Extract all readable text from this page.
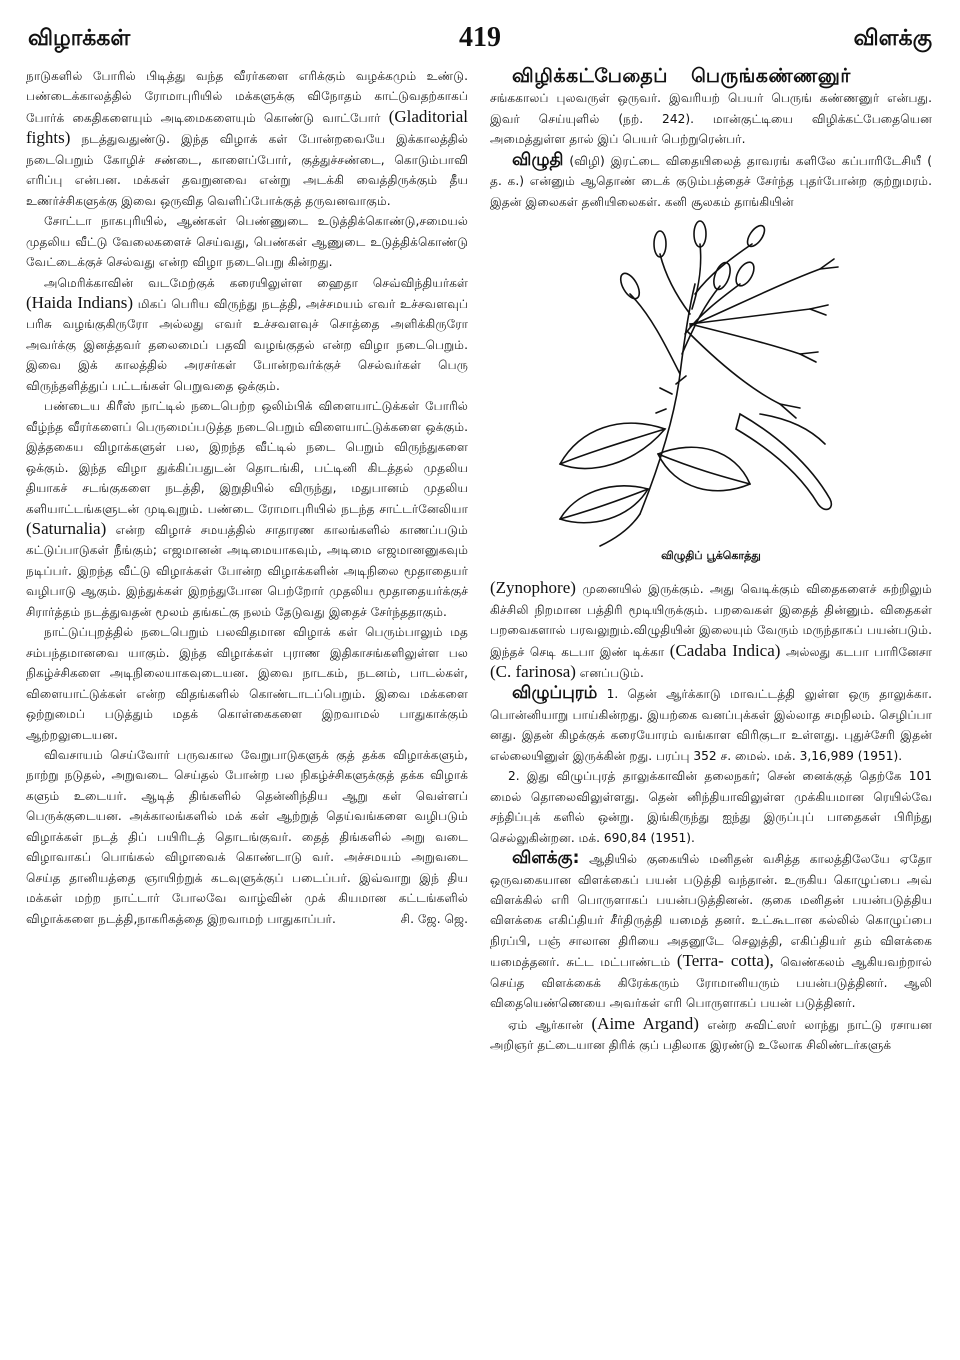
விழாக்கள்	419	விளக்கு

நாடுகளில் போரில் பிடித்து வந்த வீரர்களை எரிக்கும் வழக்கமும் உண்டு. பண்டைக்காலத்தில் ரோமாபுரியில் மக்களுக்கு விநோதம் காட்டுவதற்காகப் போர்க் கைதிகளையும் அடிமைகளையும் கொண்டு வாட்போர் (Gladitorial fights) நடத்துவதுண்டு. இந்த விழாக் கள் போன்றவையே இக்காலத்தில் நடைபெறும் கோழிச் சண்டை, காளைப்போர், குத்துச்சண்டை, கொடும்பாவி எரிப்பு என்பன. மக்கள் தவறுனவை என்று அடக்கி வைத்திருக்கும் தீய உணர்ச்சிகளுக்கு இவை ஒருவித வெளிப்போக்குத் தருவனவாகும்.

சோட்டா நாகபுரியில், ஆண்கள் பெண்ணுடை உடுத்திக்கொண்டு,சமையல் முதலிய வீட்டு வேலைகளைச் செய்வது, பெண்கள் ஆணுடை உடுத்திக்கொண்டு வேட்டைக்குச் செல்வது என்ற விழா நடைபெறு கின்றது.

அமெரிக்காவின் வடமேற்குக் கரையிலுள்ள ஹைதா செவ்விந்தியர்கள் (Haida Indians) மிகப் பெரிய விருந்து நடத்தி, அச்சமயம் எவர் உச்சவளவுப் பரிசு வழங்குகிருரோ அல்லது எவர் உச்சவளவுச் சொத்தை அளிக்கிருரோ அவர்க்கு இனத்தவர் தலைமைப் பதவி வழங்குதல் என்ற விழா நடைபெறும். இவை இக் காலத்தில் அரசர்கள் போன்றவர்க்குச் செல்வர்கள் பெரு விருந்தளித்துப் பட்டங்கள் பெறுவதை ஒக்கும்.

பண்டைய கிரீஸ் நாட்டில் நடைபெற்ற ஒலிம்பிக் விளையாட்டுக்கள் போரில் வீழ்ந்த வீரர்களைப் பெருமைப்படுத்த நடைபெறும் விளையாட்டுக்களை ஒக்கும். இத்தகைய விழாக்களுள் பல, இறந்த வீட்டில் நடை பெறும் விருந்துகளை ஒக்கும். இந்த விழா துக்கிப்பதுடன் தொடங்கி, பட்டினி கிடத்தல் முதலிய தியாகச் சடங்குகளை நடத்தி, இறுதியில் விருந்து, மதுபானம் முதலிய களியாட்டங்களுடன் முடிவுறும். பண்டை ரோமாபுரியில் நடந்த சாட்டர்னேலியா (Saturnalia) என்ற விழாச் சமயத்தில் சாதாரண காலங்களில் காணப்படும் கட்டுப்பாடுகள் நீங்கும்; எஜமானன் அடிமையாகவும், அடிமை எஜமானனுகவும் நடிப்பர். இறந்த வீட்டு விழாக்கள் போன்ற விழாக்களின் அடிநிலை மூதாதையர் வழிபாடு ஆகும். இந்துக்கள் இறந்துபோன பெற்றோர் முதலிய மூதாதையர்க்குச் சிரார்த்தம் நடத்துவதன் மூலம் தங்கட்கு நலம் தேடுவது இதைச் சேர்ந்ததாகும்.

நாட்டுப்புறத்தில் நடைபெறும் பலவிதமான விழாக் கள் பெரும்பாலும் மத சம்பந்தமானவை யாகும். இந்த விழாக்கள் புராண இதிகாசங்களிலுள்ள பல நிகழ்ச்சிகளை அடிநிலையாகவுடையன. இவை நாடகம், நடனம், பாடல்கள், விளையாட்டுக்கள் என்ற விதங்களில் கொண்டாடப்பெறும். இவை மக்களை ஒற்றுமைப் படுத்தும் மதக் கொள்கைகளை இறவாமல் பாதுகாக்கும் ஆற்றலுடையன.

விவசாயம் செய்வோர் பருவகால வேறுபாடுகளுக் குத் தக்க விழாக்களும், நாற்று நடுதல், அறுவடை செய்தல் போன்ற பல நிகழ்ச்சிகளுக்குத் தக்க விழாக் களும் உடையர். ஆடித் திங்களில் தென்னிந்திய ஆறு கள் வெள்ளப் பெருக்குடையன. அக்காலங்களில் மக் கள் ஆற்றுத் தெய்வங்களை வழிபடும் விழாக்கள் நடத் திப் பயிரிடத் தொடங்குவர். தைத் திங்களில் அறு வடை விழாவாகப் பொங்கல் விழாவைக் கொண்டாடு வர். அச்சமயம் அறுவடை செய்த தானியத்தை ஞாயிற்றுக் கடவுளுக்குப் படைப்பர். இவ்வாறு இந் திய மக்கள் மற்ற நாட்டார் போலவே வாழ்வின் முக் கியமான கட்டங்களில் விழாக்களை நடத்தி,நாகரிகத்தை இறவாமற் பாதுகாப்பர்.	சி. ஜே. ஜெ.

விழிக்கட்பேதைப் பெருங்கண்ணனுர்

சங்ககாலப் புலவருள் ஒருவர். இவரியற் பெயர் பெருங் கண்ணனுர் என்பது. இவர் செய்யுளில் (நற். 242). மான்குட்டியை விழிக்கட்பேதையென அமைத்துள்ள தால் இப் பெயர் பெற்றுரென்பர்.

விழுதி (விழி) இரட்டை விதையிலைத் தாவரங் களிலே கப்பாரிடேசியீ ( த. க.) என்னும் ஆதொண் டைக் குடும்பத்தைச் சேர்ந்த புதர்போன்ற குற்றுமரம். இதன் இலைகள் தனியிலைகள். கனி சூலகம் தாங்கியின்

விழுதிப் பூக்கொத்து

(Zynophore) முனையில் இருக்கும். அது வெடிக்கும் விதைகளைச் சுற்றிலும் கிச்சிலி நிறமான பத்திரி மூடியிருக்கும். பறவைகள் இதைத் தின்னும். விதைகள் பறவைகளால் பரவலுறும்.விழுதியின் இலையும் வேரும் மருந்தாகப் பயன்படும். இந்தச் செடி கடபா இண் டிக்கா (Cadaba Indica) அல்லது கடபா பாரினேசா (C. farinosa) எனப்படும்.

விழுப்புரம் 1. தென் ஆர்க்காடு மாவட்டத்தி லுள்ள ஒரு தாலுக்கா. பொன்னியாறு பாய்கின்றது. இயற்கை வனப்புக்கள் இல்லாத சமநிலம். செழிப்பா னது. இதன் கிழக்குக் கரையோரம் வங்காள விரிகுடா உள்ளது. புதுச்சேரி இதன் எல்லையினுள் இருக்கின் றது. பரப்பு 352 ச. மைல். மக். 3,16,989 (1951).

2. இது விழுப்புரத் தாலுக்காவின் தலைநகர்; சென் னைக்குத் தெற்கே 101 மைல் தொலைவிலுள்ளது. தென் னிந்தியாவிலுள்ள முக்கியமான ரெயில்வே சந்திப்புக் களில் ஒன்று. இங்கிருந்து ஐந்து இருப்புப் பாதைகள் பிரிந்து செல்லுகின்றன. மக். 690,84 (1951).

விளக்கு: ஆதியில் குகையில் மனிதன் வசித்த காலத்திலேயே ஏதோ ஒருவகையான விளக்கைப் பயன் படுத்தி வந்தான். உருகிய கொழுப்பை அவ் விளக்கில் எரி பொருளாகப் பயன்படுத்தினன். குகை மனிதன் பயன்படுத்திய விளக்கை எகிப்தியர் சீர்திருத்தி யமைத் தனர். உட்கூடான கல்லில் கொழுப்பை நிரப்பி, பஞ் சாலான திரியை அதனூடே செலுத்தி, எகிப்தியர் தம் விளக்கை யமைத்தனர். சுட்ட மட்பாண்டம் (Terra- cotta), வெண்கலம் ஆகியவற்றால் செய்த விளக்கைக் கிரேக்கரும் ரோமானியரும் பயன்படுத்தினர். ஆலி விதையெண்ணெயை அவர்கள் எரி பொருளாகப் பயன் படுத்தினர்.

ஏம் ஆர்கான் (Aime Argand) என்ற சுவிட்ஸர் லாந்து நாட்டு ரசாயன அறிஞர் தட்டையான திரிக் குப் பதிலாக இரண்டு உலோக சிலிண்டர்களுக்
